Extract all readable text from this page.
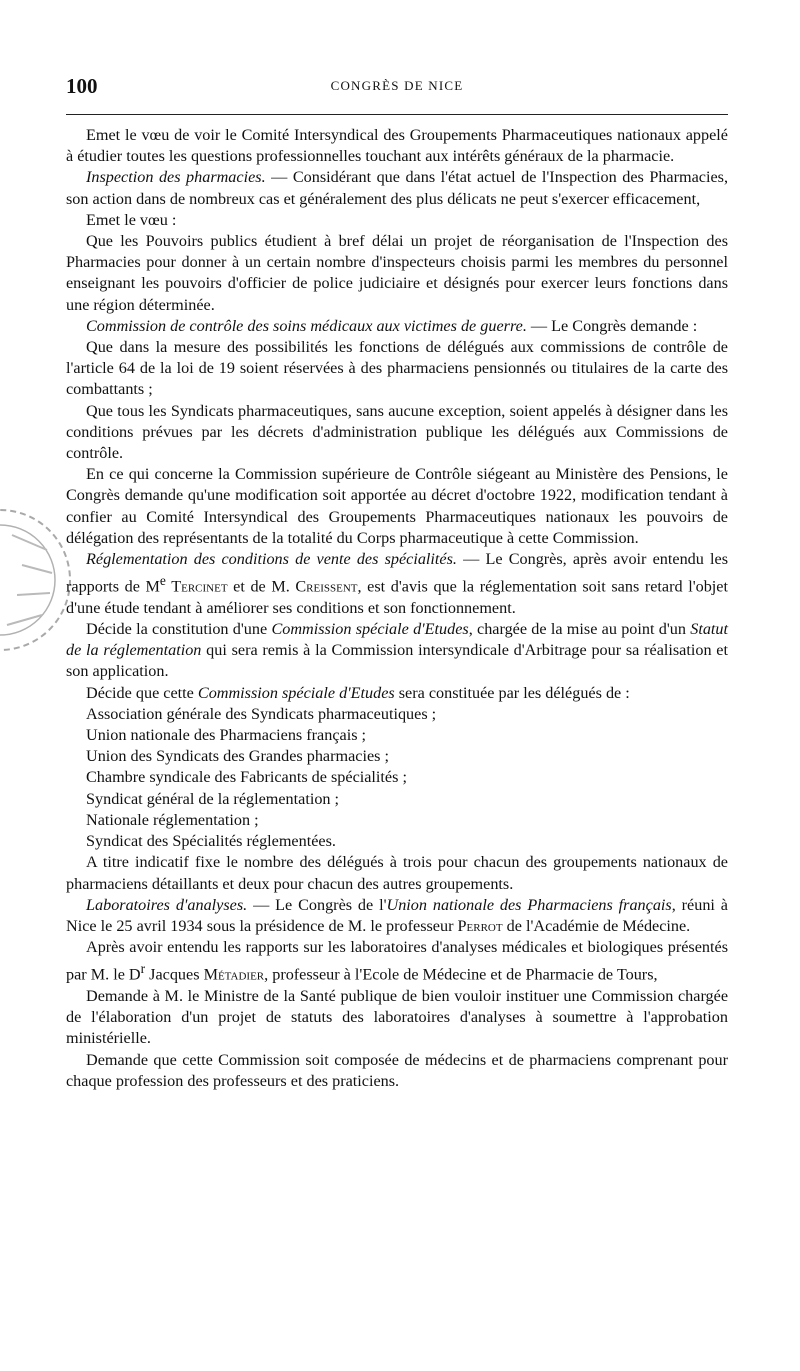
100	CONGRÈS DE NICE

Emet le vœu de voir le Comité Intersyndical des Groupements Pharmaceutiques nationaux appelé à étudier toutes les questions professionnelles touchant aux intérêts généraux de la pharmacie.

Inspection des pharmacies. — Considérant que dans l'état actuel de l'Inspection des Pharmacies, son action dans de nombreux cas et généralement des plus délicats ne peut s'exercer efficacement,

Emet le vœu :

Que les Pouvoirs publics étudient à bref délai un projet de réorganisation de l'Inspection des Pharmacies pour donner à un certain nombre d'inspecteurs choisis parmi les membres du personnel enseignant les pouvoirs d'officier de police judiciaire et désignés pour exercer leurs fonctions dans une région déterminée.

Commission de contrôle des soins médicaux aux victimes de guerre. — Le Congrès demande :

Que dans la mesure des possibilités les fonctions de délégués aux commissions de contrôle de l'article 64 de la loi de 19 soient réservées à des pharmaciens pensionnés ou titulaires de la carte des combattants ;

Que tous les Syndicats pharmaceutiques, sans aucune exception, soient appelés à désigner dans les conditions prévues par les décrets d'administration publique les délégués aux Commissions de contrôle.

En ce qui concerne la Commission supérieure de Contrôle siégeant au Ministère des Pensions, le Congrès demande qu'une modification soit apportée au décret d'octobre 1922, modification tendant à confier au Comité Intersyndical des Groupements Pharmaceutiques nationaux les pouvoirs de délégation des représentants de la totalité du Corps pharmaceutique à cette Commission.

Réglementation des conditions de vente des spécialités. — Le Congrès, après avoir entendu les rapports de Me Tercinet et de M. Creissent, est d'avis que la réglementation soit sans retard l'objet d'une étude tendant à améliorer ses conditions et son fonctionnement.

Décide la constitution d'une Commission spéciale d'Etudes, chargée de la mise au point d'un Statut de la réglementation qui sera remis à la Commission intersyndicale d'Arbitrage pour sa réalisation et son application.

Décide que cette Commission spéciale d'Etudes sera constituée par les délégués de :

Association générale des Syndicats pharmaceutiques ;

Union nationale des Pharmaciens français ;

Union des Syndicats des Grandes pharmacies ;

Chambre syndicale des Fabricants de spécialités ;

Syndicat général de la réglementation ;

Nationale réglementation ;

Syndicat des Spécialités réglementées.

A titre indicatif fixe le nombre des délégués à trois pour chacun des groupements nationaux de pharmaciens détaillants et deux pour chacun des autres groupements.

Laboratoires d'analyses. — Le Congrès de l'Union nationale des Pharmaciens français, réuni à Nice le 25 avril 1934 sous la présidence de M. le professeur Perrot de l'Académie de Médecine.

Après avoir entendu les rapports sur les laboratoires d'analyses médicales et biologiques présentés par M. le $D^r$ Jacques Métadier, professeur à l'Ecole de Médecine et de Pharmacie de Tours,

Demande à M. le Ministre de la Santé publique de bien vouloir instituer une Commission chargée de l'élaboration d'un projet de statuts des laboratoires d'analyses à soumettre à l'approbation ministérielle.

Demande que cette Commission soit composée de médecins et de pharmaciens comprenant pour chaque profession des professeurs et des praticiens.
